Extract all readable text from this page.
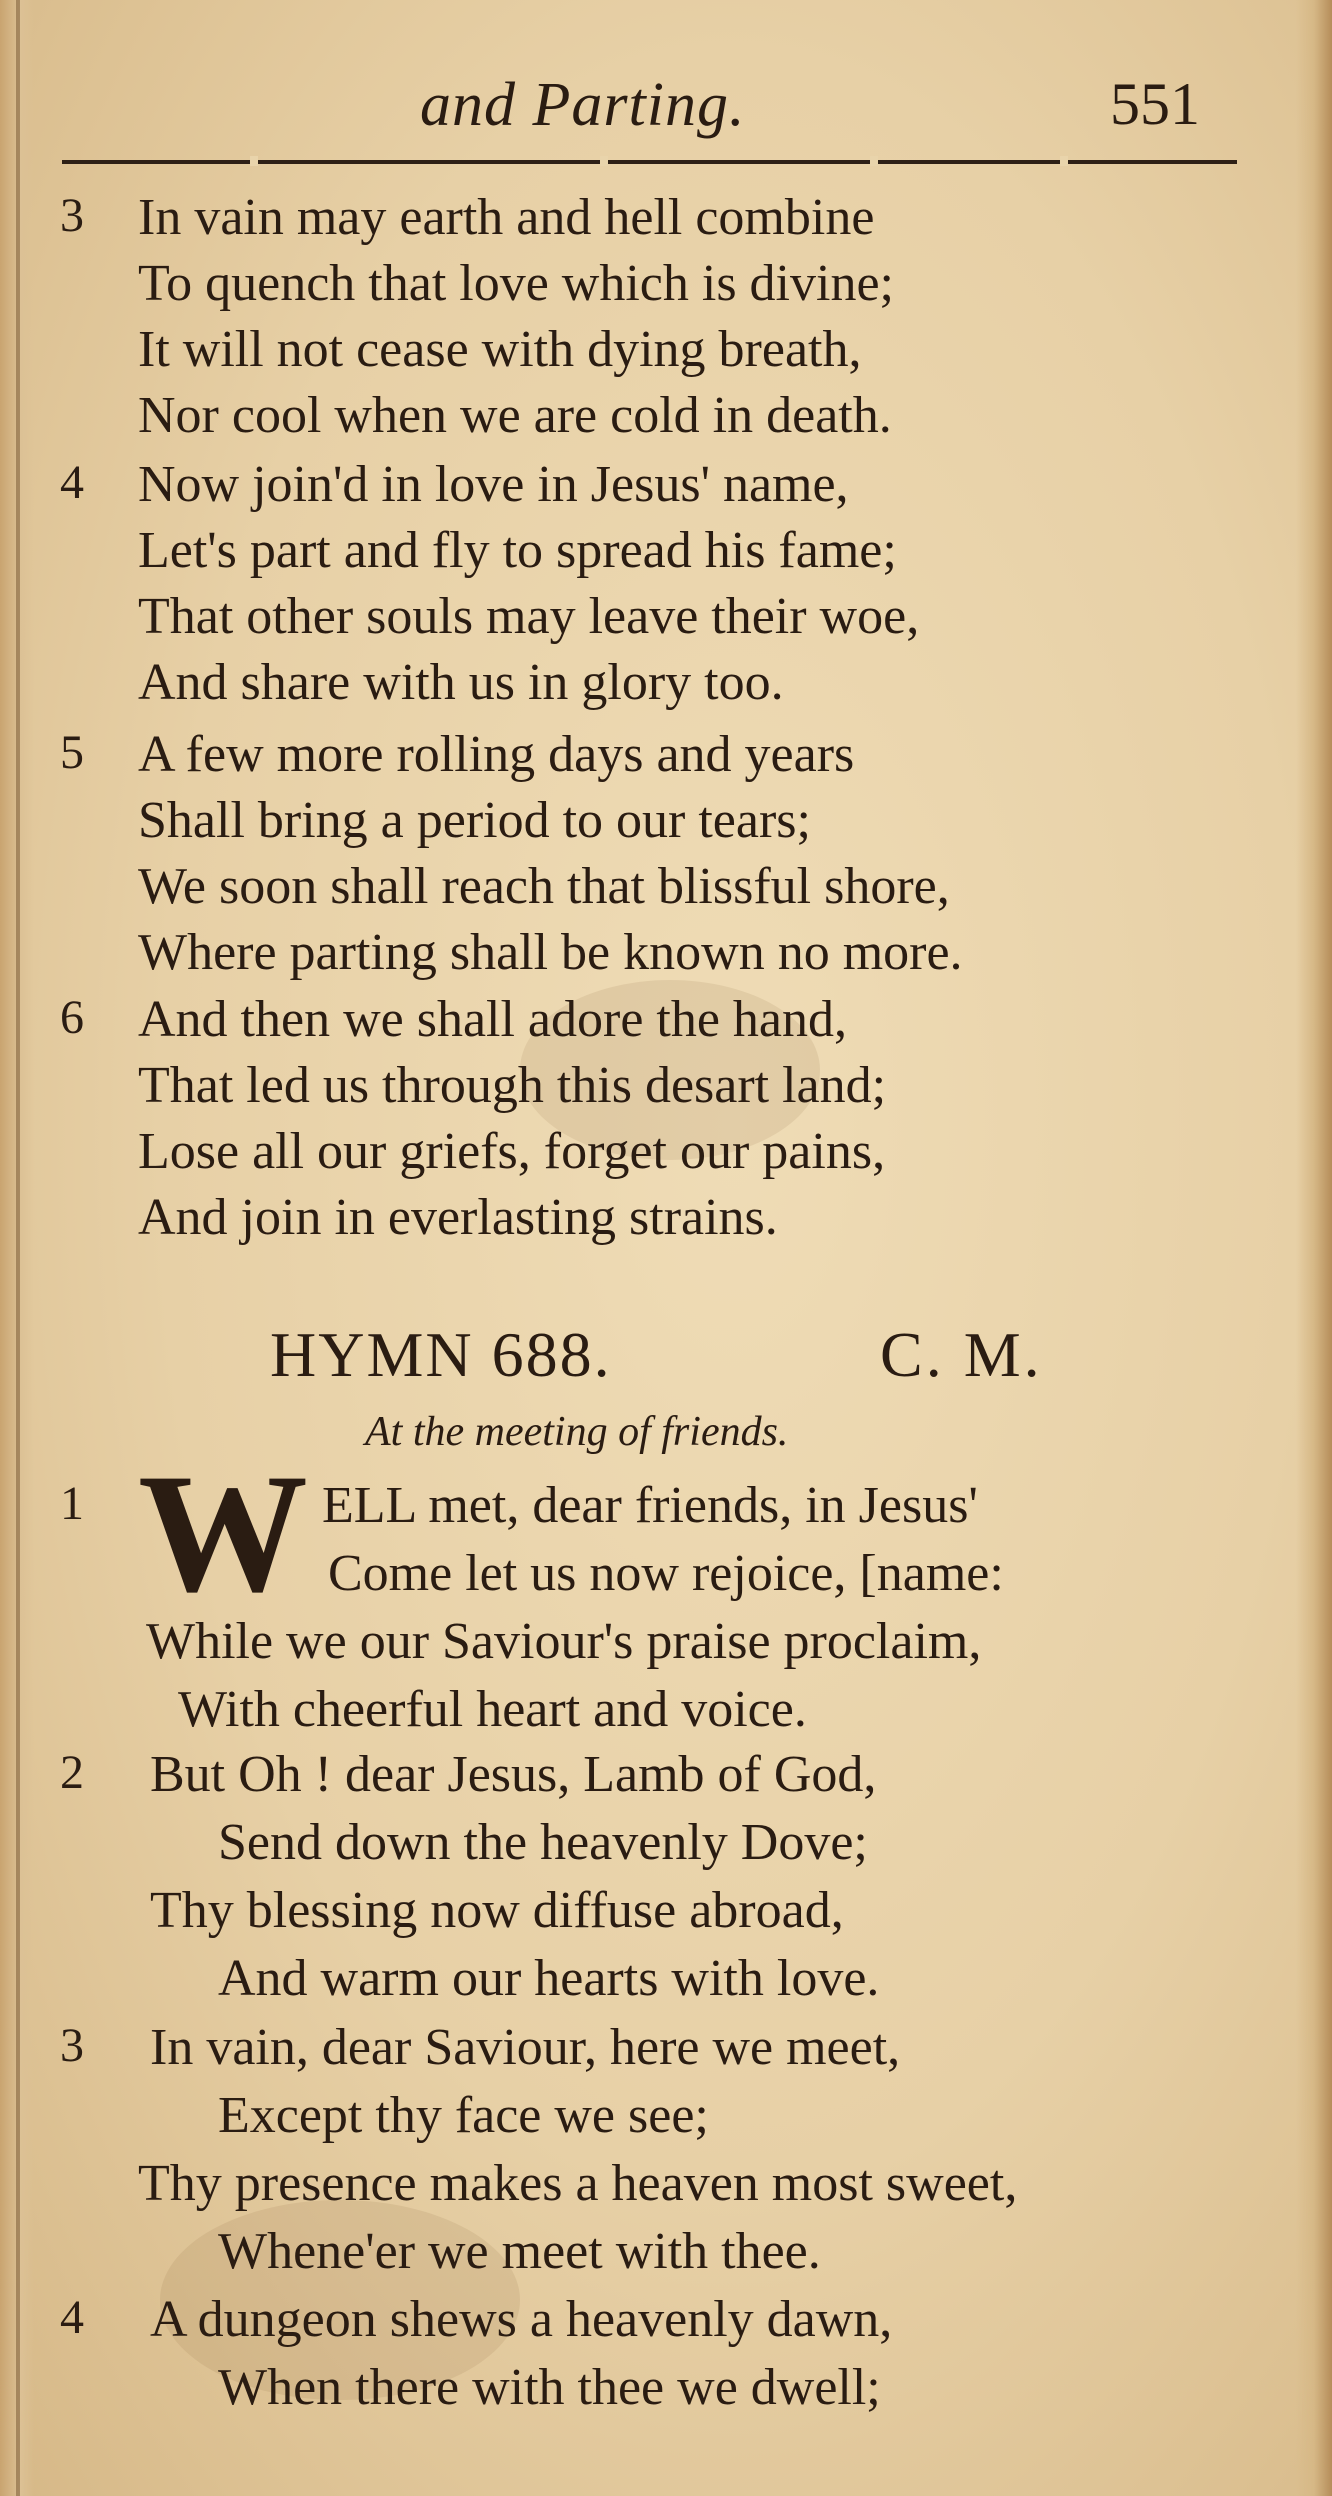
and Parting.	551
3 In vain may earth and hell combine
To quench that love which is divine;
It will not cease with dying breath,
Nor cool when we are cold in death.
4 Now join'd in love in Jesus' name,
Let's part and fly to spread his fame;
That other souls may leave their woe,
And share with us in glory too.
5 A few more rolling days and years
Shall bring a period to our tears;
We soon shall reach that blissful shore,
Where parting shall be known no more.
6 And then we shall adore the hand,
That led us through this desart land;
Lose all our griefs, forget our pains,
And join in everlasting strains.
HYMN 688.	C. M.
At the meeting of friends.
1	ELL met, dear friends, in Jesus'
Come let us now rejoice, [name:
While we our Saviour's praise proclaim,
With cheerful heart and voice.
W
2 But Oh ! dear Jesus, Lamb of God,
Send down the heavenly Dove;
Thy blessing now diffuse abroad,
And warm our hearts with love.
3 In vain, dear Saviour, here we meet,
Except thy face we see;
Thy presence makes a heaven most sweet,
Whene'er we meet with thee.
4 A dungeon shews a heavenly dawn,
When there with thee we dwell;
